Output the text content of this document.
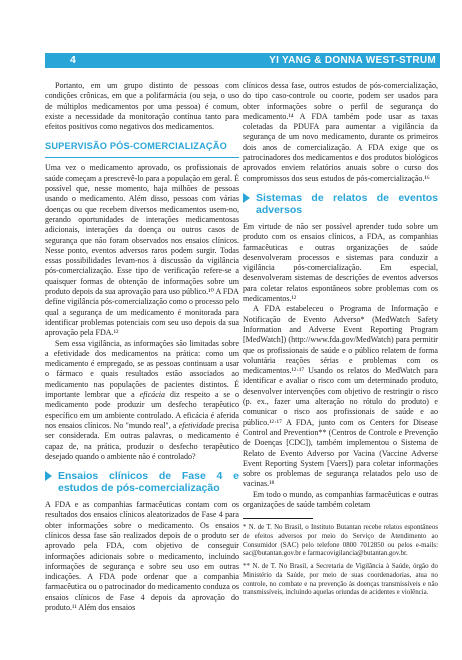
4	YI YANG & DONNA WEST-STRUM

Portanto, em um grupo distinto de pessoas com condições crônicas, em que a polifarmácia (ou seja, o uso de múltiplos medicamentos por uma pessoa) é comum, existe a necessidade da monitoração contínua tanto para efeitos positivos como negativos dos medicamentos.

SUPERVISÃO PÓS-COMERCIALIZAÇÃO

Uma vez o medicamento aprovado, os profissionais de saúde começam a prescrevê-lo para a população em geral. É possível que, nesse momento, haja milhões de pessoas usando o medicamento. Além disso, pessoas com várias doenças ou que recebem diversos medicamentos usem-no, gerando oportunidades de interações medicamentosas adicionais, interações da doença ou outros casos de segurança que não foram observados nos ensaios clínicos. Nesse ponto, eventos adversos raros podem surgir. Todas essas possibilidades levam-nos à discussão da vigilância pós-comercialização. Esse tipo de verificação refere-se a quaisquer formas de obtenção de informações sobre um produto depois da sua aprovação para uso público.¹⁰ A FDA define vigilância pós-comercialização como o processo pelo qual a segurança de um medicamento é monitorada para identificar problemas potenciais com seu uso depois da sua aprovação pela FDA.¹²

Sem essa vigilância, as informações são limitadas sobre a efetividade dos medicamentos na prática: como um medicamento é empregado, se as pessoas continuam a usar o fármaco e quais resultados estão associados ao medicamento nas populações de pacientes distintos. É importante lembrar que a eficácia diz respeito a se o medicamento pode produzir um desfecho terapêutico específico em um ambiente controlado. A eficácia é aferida nos ensaios clínicos. No "mundo real", a efetividade precisa ser considerada. Em outras palavras, o medicamento é capaz de, na prática, produzir o desfecho terapêutico desejado quando o ambiente não é controlado?

Ensaios clínicos de Fase 4 e estudos de pós-comercialização

A FDA e as companhias farmacêuticas contam com os resultados dos ensaios clínicos aleatorizados de Fase 4 para obter informações sobre o medicamento. Os ensaios clínicos dessa fase são realizados depois de o produto ser aprovado pela FDA, com objetivo de conseguir informações adicionais sobre o medicamento, incluindo informações de segurança e sobre seu uso em outras indicações. A FDA pode ordenar que a companhia farmacêutica ou o patrocinador do medicamento conduza os ensaios clínicos de Fase 4 depois da aprovação do produto.¹¹ Além dos ensaios

clínicos dessa fase, outros estudos de pós-comercialização, do tipo caso-controle ou coorte, podem ser usados para obter informações sobre o perfil de segurança do medicamento.¹⁴ A FDA também pode usar as taxas coletadas da PDUFA para aumentar a vigilância da segurança de um novo medicamento, durante os primeiros dois anos de comercialização. A FDA exige que os patrocinadores dos medicamentos e dos produtos biológicos aprovados enviem relatórios anuais sobre o curso dos compromissos dos seus estudos de pós-comercialização.¹⁶

Sistemas de relatos de eventos adversos

Em virtude de não ser possível aprender tudo sobre um produto com os ensaios clínicos, a FDA, as companhias farmacêuticas e outras organizações de saúde desenvolveram processos e sistemas para conduzir a vigilância pós-comercialização. Em especial, desenvolveram sistemas de descrições de eventos adversos para coletar relatos espontâneos sobre problemas com os medicamentos.¹²

A FDA estabeleceu o Programa de Informação e Notificação de Evento Adverso* (MedWatch Safety Information and Adverse Event Reporting Program [MedWatch]) (http://www.fda.gov/MedWatch) para permitir que os profissionais de saúde e o público relatem de forma voluntária reações sérias e problemas com os medicamentos.¹²·¹⁷ Usando os relatos do MedWatch para identificar e avaliar o risco com um determinado produto, desenvolver intervenções com objetivo de restringir o risco (p. ex., fazer uma alteração no rótulo do produto) e comunicar o risco aos profissionais de saúde e ao público.¹²·¹⁷ A FDA, junto com os Centers for Disease Control and Prevention** (Centros de Controle e Prevenção de Doenças [CDC]), também implementou o Sistema de Relato de Evento Adverso por Vacina (Vaccine Adverse Event Reporting System [Vaers]) para coletar informações sobre os problemas de segurança relatados pelo uso de vacinas.¹⁸

Em todo o mundo, as companhias farmacêuticas e outras organizações de saúde também coletam

* N. de T. No Brasil, o Instituto Butantan recebe relatos espontâneos de efeitos adversos por meio do Serviço de Atendimento ao Consumidor (SAC) pelo telefone 0800 7012850 ou pelos e-mails: sac@butantan.gov.br e farmacovigilancia@butantan.gov.br.

** N. de T. No Brasil, a Secretaria de Vigilância à Saúde, órgão do Ministério da Saúde, por meio de suas coordenadorias, atua no controle, no combate e na prevenção às doenças transmissíveis e não transmissíveis, incluindo aquelas oriundas de acidentes e violência.
